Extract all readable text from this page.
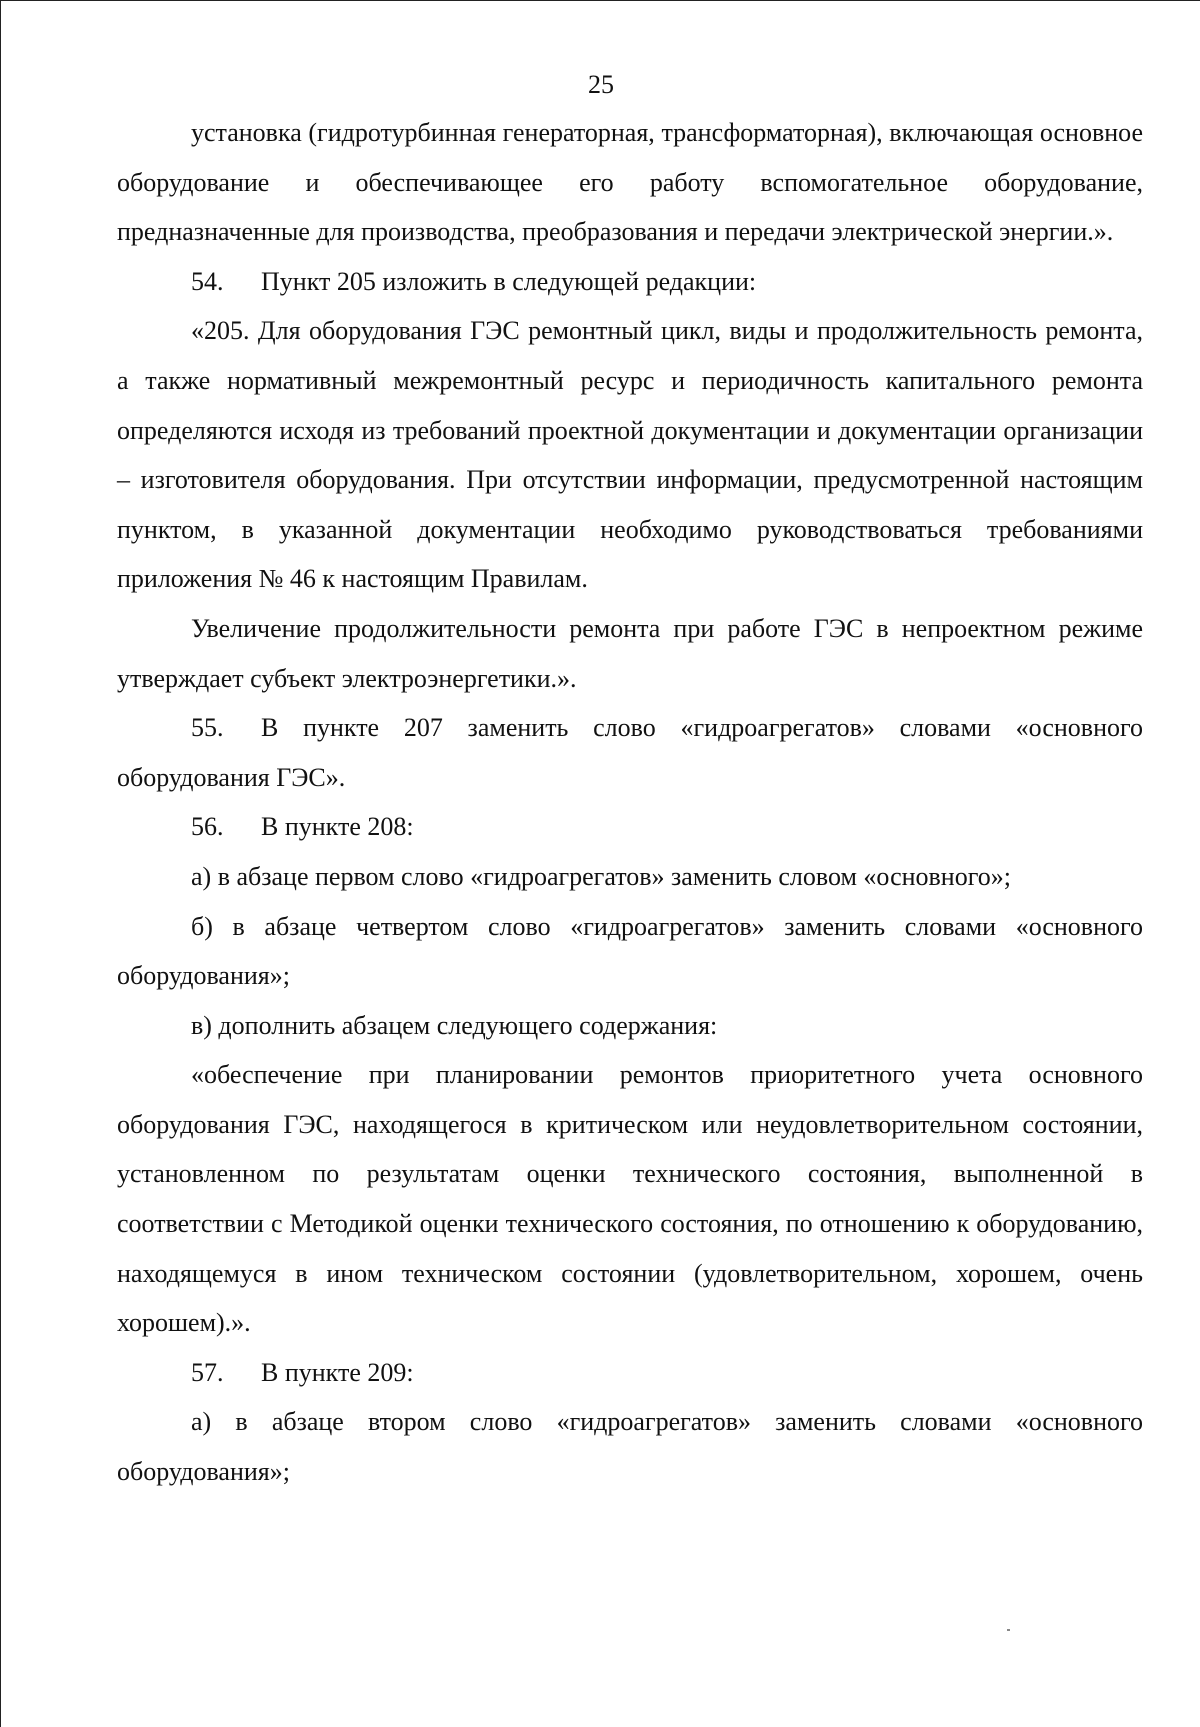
25

установка (гидротурбинная генераторная, трансформаторная), включающая основное оборудование и обеспечивающее его работу вспомогательное оборудование, предназначенные для производства, преобразования и передачи электрической энергии.».

54. Пункт 205 изложить в следующей редакции:

«205. Для оборудования ГЭС ремонтный цикл, виды и продолжительность ремонта, а также нормативный межремонтный ресурс и периодичность капитального ремонта определяются исходя из требований проектной документации и документации организации – изготовителя оборудования. При отсутствии информации, предусмотренной настоящим пунктом, в указанной документации необходимо руководствоваться требованиями приложения № 46 к настоящим Правилам.

Увеличение продолжительности ремонта при работе ГЭС в непроектном режиме утверждает субъект электроэнергетики.».

55. В пункте 207 заменить слово «гидроагрегатов» словами «основного оборудования ГЭС».

56. В пункте 208:

а) в абзаце первом слово «гидроагрегатов» заменить словом «основного»;

б) в абзаце четвертом слово «гидроагрегатов» заменить словами «основного оборудования»;

в) дополнить абзацем следующего содержания:

«обеспечение при планировании ремонтов приоритетного учета основного оборудования ГЭС, находящегося в критическом или неудовлетворительном состоянии, установленном по результатам оценки технического состояния, выполненной в соответствии с Методикой оценки технического состояния, по отношению к оборудованию, находящемуся в ином техническом состоянии (удовлетворительном, хорошем, очень хорошем).».

57. В пункте 209:

а) в абзаце втором слово «гидроагрегатов» заменить словами «основного оборудования»;
